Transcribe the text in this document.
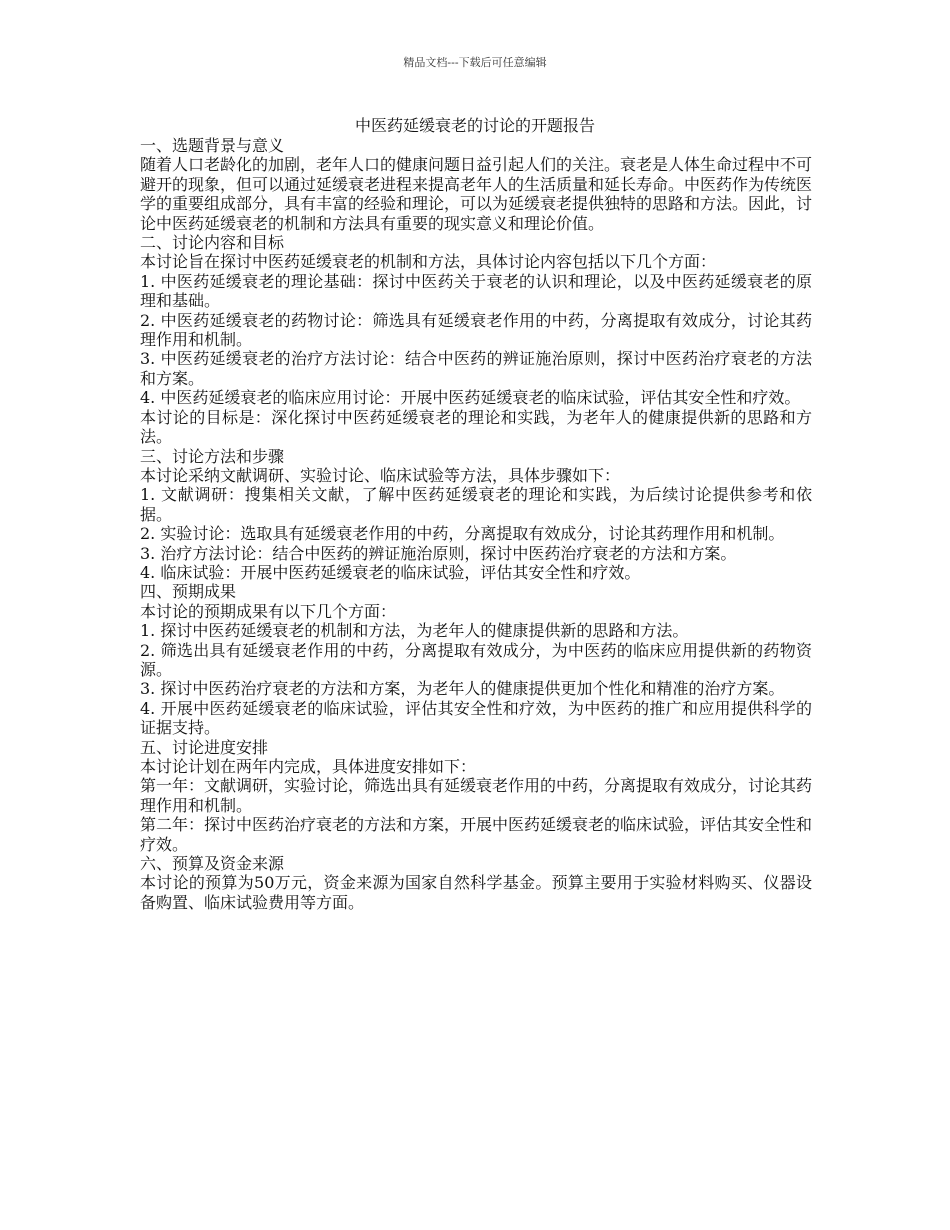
精品文档---下载后可任意编辑
中医药延缓衰老的讨论的开题报告

一、选题背景与意义

随着人口老龄化的加剧，老年人口的健康问题日益引起人们的关注。衰老是人体生命过程中不可避开的现象，但可以通过延缓衰老进程来提高老年人的生活质量和延长寿命。中医药作为传统医学的重要组成部分，具有丰富的经验和理论，可以为延缓衰老提供独特的思路和方法。因此，讨论中医药延缓衰老的机制和方法具有重要的现实意义和理论价值。

二、讨论内容和目标

本讨论旨在探讨中医药延缓衰老的机制和方法，具体讨论内容包括以下几个方面：

1. 中医药延缓衰老的理论基础：探讨中医药关于衰老的认识和理论，以及中医药延缓衰老的原理和基础。

2. 中医药延缓衰老的药物讨论：筛选具有延缓衰老作用的中药，分离提取有效成分，讨论其药理作用和机制。

3. 中医药延缓衰老的治疗方法讨论：结合中医药的辨证施治原则，探讨中医药治疗衰老的方法和方案。

4. 中医药延缓衰老的临床应用讨论：开展中医药延缓衰老的临床试验，评估其安全性和疗效。

本讨论的目标是：深化探讨中医药延缓衰老的理论和实践，为老年人的健康提供新的思路和方法。

三、讨论方法和步骤

本讨论采纳文献调研、实验讨论、临床试验等方法，具体步骤如下：

1. 文献调研：搜集相关文献，了解中医药延缓衰老的理论和实践，为后续讨论提供参考和依据。

2. 实验讨论：选取具有延缓衰老作用的中药，分离提取有效成分，讨论其药理作用和机制。

3. 治疗方法讨论：结合中医药的辨证施治原则，探讨中医药治疗衰老的方法和方案。

4. 临床试验：开展中医药延缓衰老的临床试验，评估其安全性和疗效。

四、预期成果

本讨论的预期成果有以下几个方面：

1. 探讨中医药延缓衰老的机制和方法，为老年人的健康提供新的思路和方法。

2. 筛选出具有延缓衰老作用的中药，分离提取有效成分，为中医药的临床应用提供新的药物资源。

3. 探讨中医药治疗衰老的方法和方案，为老年人的健康提供更加个性化和精准的治疗方案。

4. 开展中医药延缓衰老的临床试验，评估其安全性和疗效，为中医药的推广和应用提供科学的证据支持。

五、讨论进度安排

本讨论计划在两年内完成，具体进度安排如下：

第一年：文献调研，实验讨论，筛选出具有延缓衰老作用的中药，分离提取有效成分，讨论其药理作用和机制。

第二年：探讨中医药治疗衰老的方法和方案，开展中医药延缓衰老的临床试验，评估其安全性和疗效。

六、预算及资金来源

本讨论的预算为50万元，资金来源为国家自然科学基金。预算主要用于实验材料购买、仪器设备购置、临床试验费用等方面。
